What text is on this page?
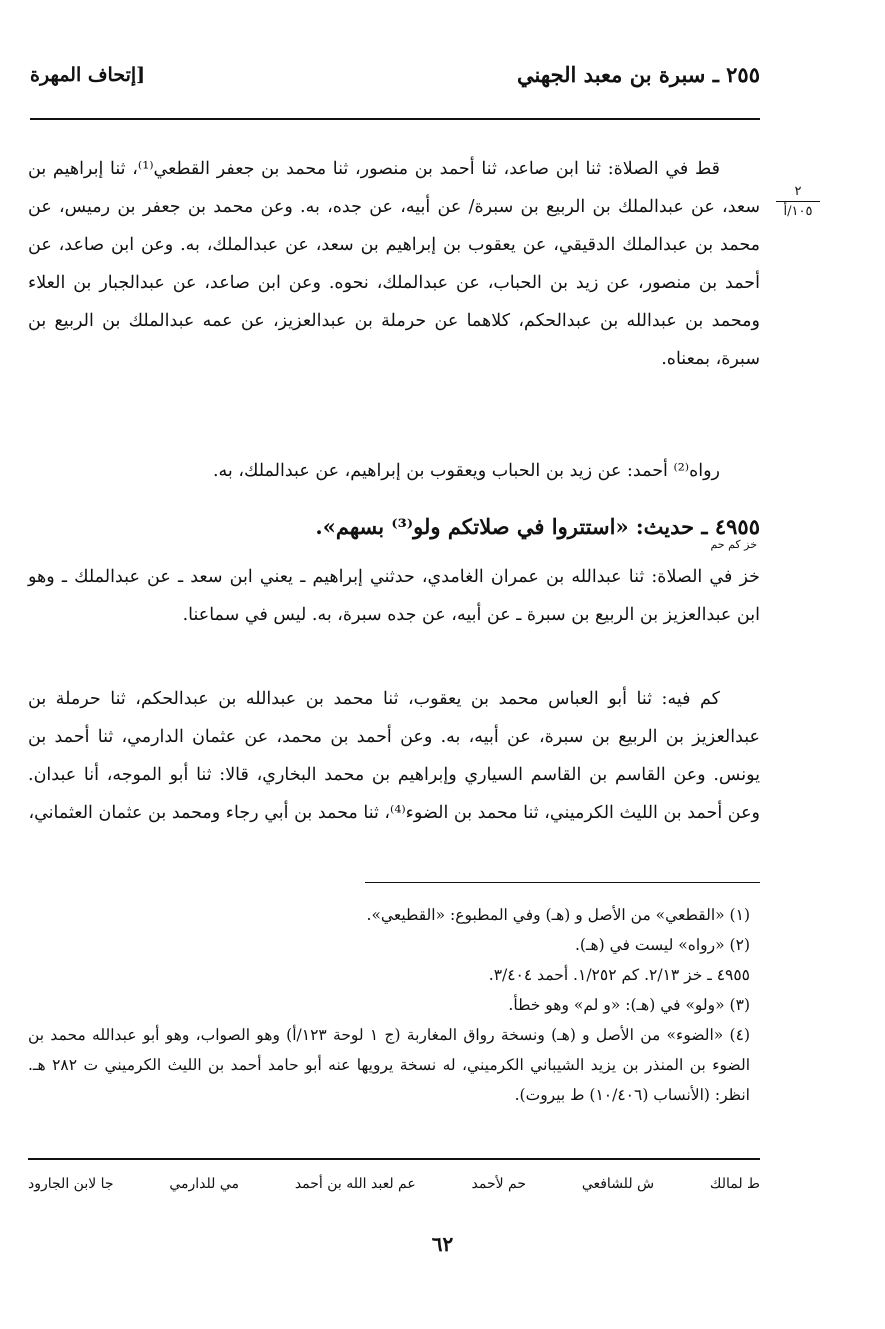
٢٥٥ ـ سبرة بن معبد الجهني
[إتحاف المهرة
٢
١٠٥/أ
قط في الصلاة: ثنا ابن صاعد، ثنا أحمد بن منصور، ثنا محمد بن جعفر القطعي⁽¹⁾، ثنا إبراهيم بن سعد، عن عبدالملك بن الربيع بن سبرة/ عن أبيه، عن جده، به. وعن محمد بن جعفر بن رميس، عن محمد بن عبدالملك الدقيقي، عن يعقوب بن إبراهيم بن سعد، عن عبدالملك، به. وعن ابن صاعد، عن أحمد بن منصور، عن زيد بن الحباب، عن عبدالملك، نحوه. وعن ابن صاعد، عن عبدالجبار بن العلاء ومحمد بن عبدالله بن عبدالحكم، كلاهما عن حرملة بن عبدالعزيز، عن عمه عبدالملك بن الربيع بن سبرة، بمعناه.
رواه⁽²⁾ أحمد: عن زيد بن الحباب ويعقوب بن إبراهيم، عن عبدالملك، به.
٤٩٥٥ ـ حديث: «استتروا في صلاتكم ولو⁽³⁾ بسهم».
خز كم حم
خز في الصلاة: ثنا عبدالله بن عمران الغامدي، حدثني إبراهيم ـ يعني ابن سعد ـ عن عبدالملك ـ وهو ابن عبدالعزيز بن الربيع بن سبرة ـ عن أبيه، عن جده سبرة، به. ليس في سماعنا.
كم فيه: ثنا أبو العباس محمد بن يعقوب، ثنا محمد بن عبدالله بن عبدالحكم، ثنا حرملة بن عبدالعزيز بن الربيع بن سبرة، عن أبيه، به. وعن أحمد بن محمد، عن عثمان الدارمي، ثنا أحمد بن يونس. وعن القاسم بن القاسم السياري وإبراهيم بن محمد البخاري، قالا: ثنا أبو الموجه، أنا عبدان. وعن أحمد بن الليث الكرميني، ثنا محمد بن الضوء⁽⁴⁾، ثنا محمد بن أبي رجاء ومحمد بن عثمان العثماني،
(١) «القطعي» من الأصل و (هـ) وفي المطبوع: «القطيعي».
(٢) «رواه» ليست في (هـ).
٤٩٥٥ ـ خز ٢/١٣. كم ١/٢٥٢. أحمد ٣/٤٠٤.
(٣) «ولو» في (هـ): «و لم» وهو خطأ.
(٤) «الضوء» من الأصل و (هـ) ونسخة رواق المغاربة (ج ١ لوحة ١٢٣/أ) وهو الصواب، وهو أبو عبدالله محمد بن الضوء بن المنذر بن يزيد الشيباني الكرميني، له نسخة يرويها عنه أبو حامد أحمد بن الليث الكرميني ت ٢٨٢ هـ. انظر: (الأنساب (١٠/٤٠٦) ط بيروت).
ط لمالك
ش للشافعي
حم لأحمد
عم لعبد الله بن أحمد
مي للدارمي
جا لابن الجارود
٦٢
